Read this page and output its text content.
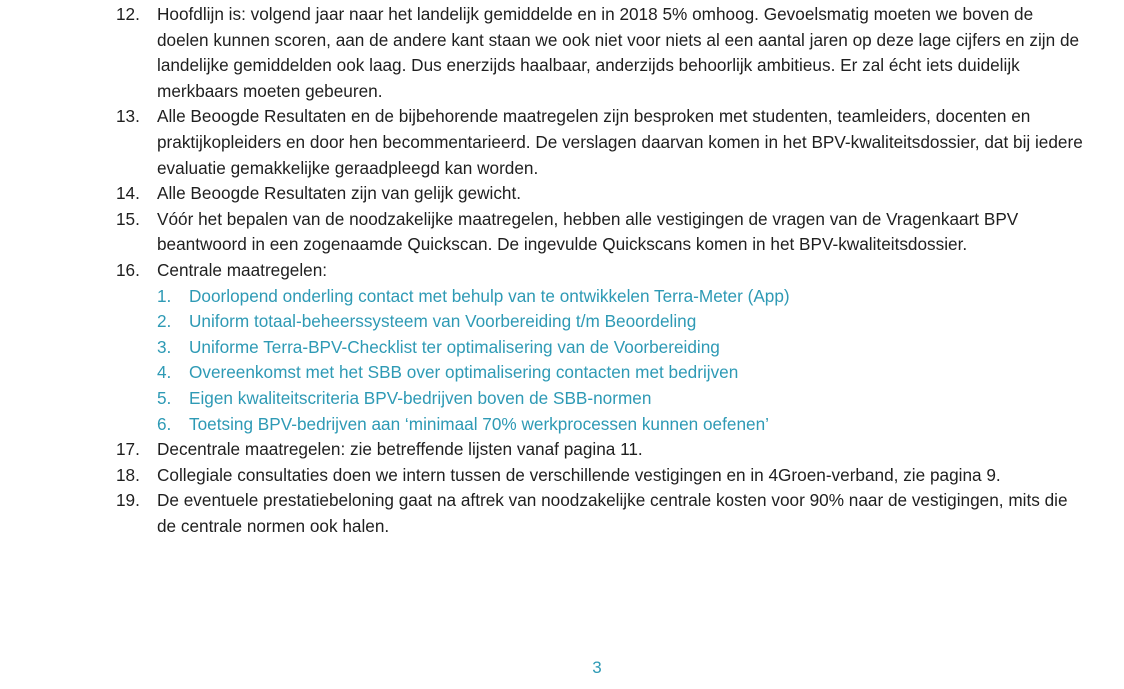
12. Hoofdlijn is: volgend jaar naar het landelijk gemiddelde en in 2018 5% omhoog. Gevoelsmatig moeten we boven de doelen kunnen scoren, aan de andere kant staan we ook niet voor niets al een aantal jaren op deze lage cijfers en zijn de landelijke gemiddelden ook laag. Dus enerzijds haalbaar, anderzijds behoorlijk ambitieus. Er zal écht iets duidelijk merkbaars moeten gebeuren.
13. Alle Beoogde Resultaten en de bijbehorende maatregelen zijn besproken met studenten, teamleiders, docenten en praktijkopleiders en door hen becommentarieerd. De verslagen daarvan komen in het BPV-kwaliteitsdossier, dat bij iedere evaluatie gemakkelijke geraadpleegd kan worden.
14. Alle Beoogde Resultaten zijn van gelijk gewicht.
15. Vóór het bepalen van de noodzakelijke maatregelen, hebben alle vestigingen de vragen van de Vragenkaart BPV beantwoord in een zogenaamde Quickscan. De ingevulde Quickscans komen in het BPV-kwaliteitsdossier.
16. Centrale maatregelen:
1. Doorlopend onderling contact met behulp van te ontwikkelen Terra-Meter (App)
2. Uniform totaal-beheerssysteem van Voorbereiding t/m Beoordeling
3. Uniforme Terra-BPV-Checklist ter optimalisering van de Voorbereiding
4. Overeenkomst met het SBB over optimalisering contacten met bedrijven
5. Eigen kwaliteitscriteria BPV-bedrijven boven de SBB-normen
6. Toetsing BPV-bedrijven aan ‘minimaal 70% werkprocessen kunnen oefenen’
17. Decentrale maatregelen: zie betreffende lijsten vanaf pagina 11.
18. Collegiale consultaties doen we intern tussen de verschillende vestigingen en in 4Groen-verband, zie pagina 9.
19. De eventuele prestatiebeloning gaat na aftrek van noodzakelijke centrale kosten voor 90% naar de vestigingen, mits die de centrale normen ook halen.
3
